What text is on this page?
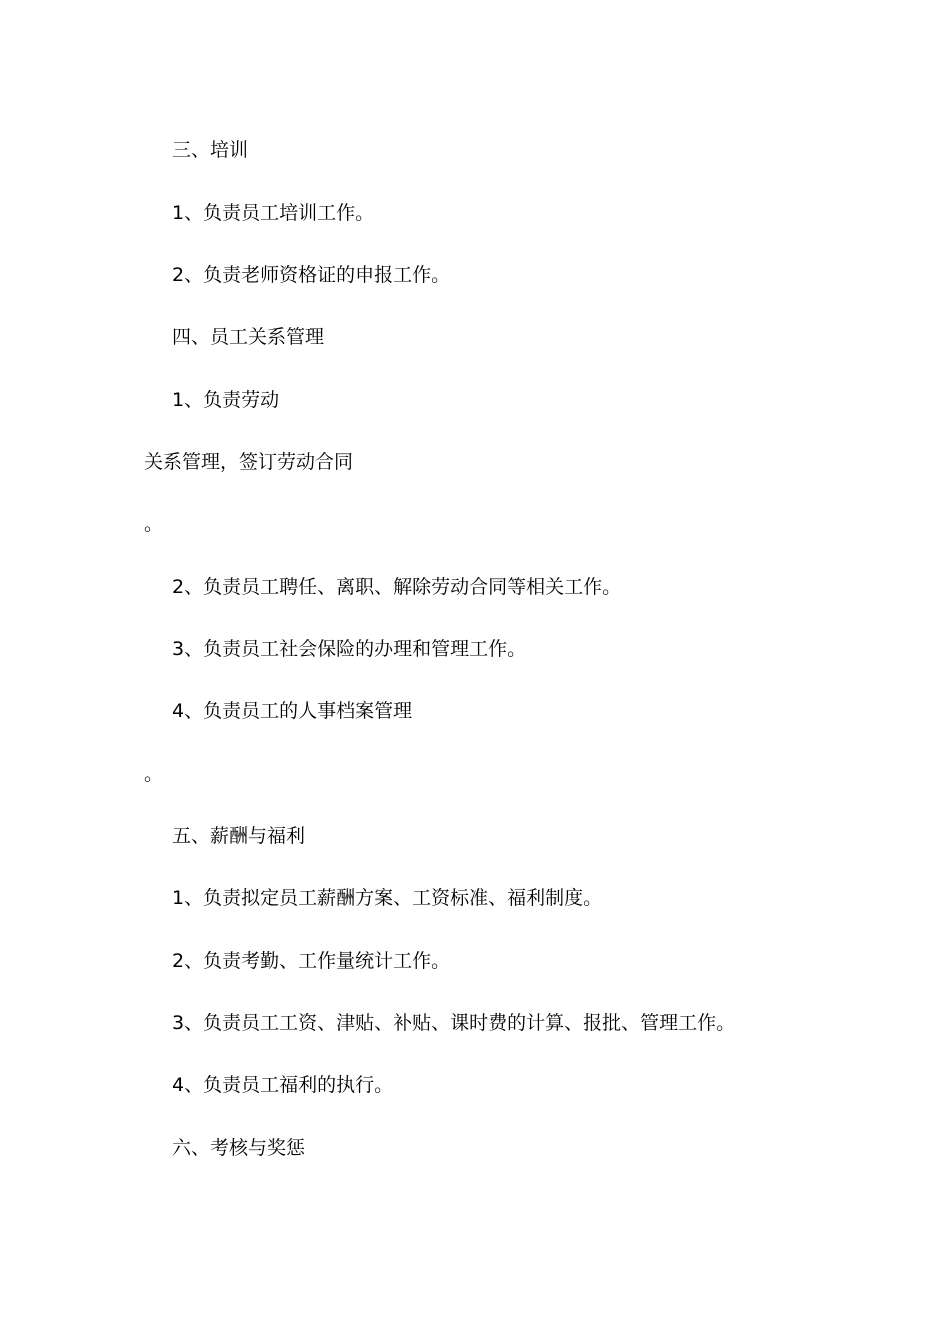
三、培训
1、负责员工培训工作。
2、负责老师资格证的申报工作。
四、员工关系管理
1、负责劳动
关系管理，签订劳动合同
。
2、负责员工聘任、离职、解除劳动合同等相关工作。
3、负责员工社会保险的办理和管理工作。
4、负责员工的人事档案管理
。
五、薪酬与福利
1、负责拟定员工薪酬方案、工资标准、福利制度。
2、负责考勤、工作量统计工作。
3、负责员工工资、津贴、补贴、课时费的计算、报批、管理工作。
4、负责员工福利的执行。
六、考核与奖惩
